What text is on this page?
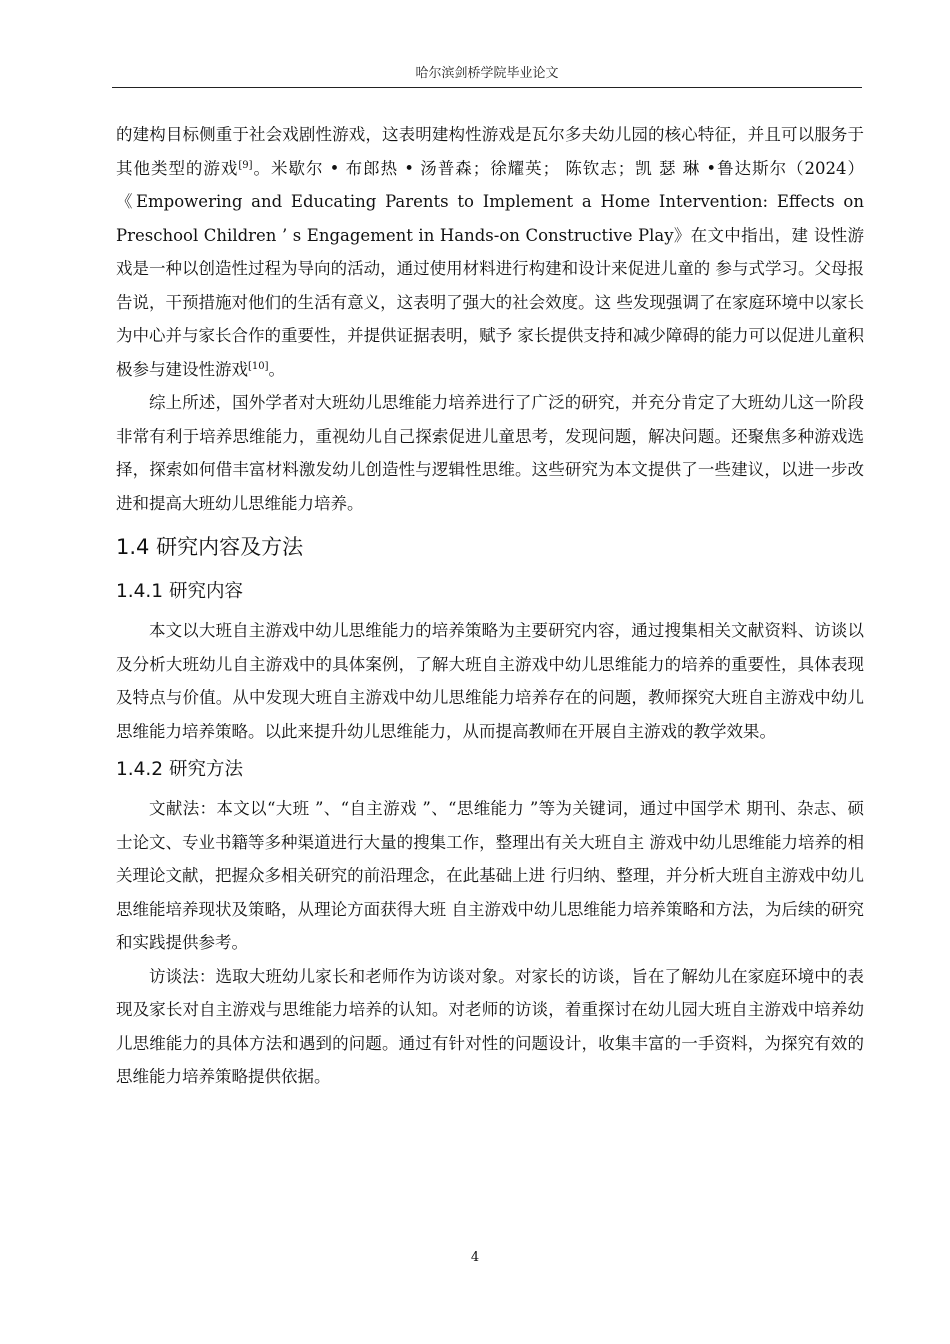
哈尔滨剑桥学院毕业论文

的建构目标侧重于社会戏剧性游戏，这表明建构性游戏是瓦尔多夫幼儿园的核心特征，并且可以服务于其他类型的游戏[9]。米歇尔 • 布郎热 • 汤普森；徐耀英； 陈钦志；凯 瑟 琳 •鲁达斯尔（2024）《Empowering and Educating Parents to Implement a Home Intervention: Effects on Preschool Children ’ s Engagement in Hands-on Constructive Play》在文中指出，建 设性游戏是一种以创造性过程为导向的活动，通过使用材料进行构建和设计来促进儿童的 参与式学习。父母报告说，干预措施对他们的生活有意义，这表明了强大的社会效度。这 些发现强调了在家庭环境中以家长为中心并与家长合作的重要性，并提供证据表明，赋予 家长提供支持和减少障碍的能力可以促进儿童积极参与建设性游戏[10]。

综上所述，国外学者对大班幼儿思维能力培养进行了广泛的研究，并充分肯定了大班幼儿这一阶段非常有利于培养思维能力，重视幼儿自己探索促进儿童思考，发现问题，解决问题。还聚焦多种游戏选择，探索如何借丰富材料激发幼儿创造性与逻辑性思维。这些研究为本文提供了一些建议，以进一步改进和提高大班幼儿思维能力培养。

1.4 研究内容及方法
1.4.1 研究内容

本文以大班自主游戏中幼儿思维能力的培养策略为主要研究内容，通过搜集相关文献资料、访谈以及分析大班幼儿自主游戏中的具体案例，了解大班自主游戏中幼儿思维能力的培养的重要性，具体表现及特点与价值。从中发现大班自主游戏中幼儿思维能力培养存在的问题，教师探究大班自主游戏中幼儿思维能力培养策略。以此来提升幼儿思维能力，从而提高教师在开展自主游戏的教学效果。

1.4.2 研究方法

文献法：本文以“大班 ”、“自主游戏 ”、“思维能力 ”等为关键词，通过中国学术 期刊、杂志、硕士论文、专业书籍等多种渠道进行大量的搜集工作，整理出有关大班自主 游戏中幼儿思维能力培养的相关理论文献，把握众多相关研究的前沿理念，在此基础上进 行归纳、整理，并分析大班自主游戏中幼儿思维能培养现状及策略，从理论方面获得大班 自主游戏中幼儿思维能力培养策略和方法，为后续的研究和实践提供参考。

访谈法：选取大班幼儿家长和老师作为访谈对象。对家长的访谈，旨在了解幼儿在家庭环境中的表现及家长对自主游戏与思维能力培养的认知。对老师的访谈，着重探讨在幼儿园大班自主游戏中培养幼儿思维能力的具体方法和遇到的问题。通过有针对性的问题设计，收集丰富的一手资料，为探究有效的思维能力培养策略提供依据。

4
